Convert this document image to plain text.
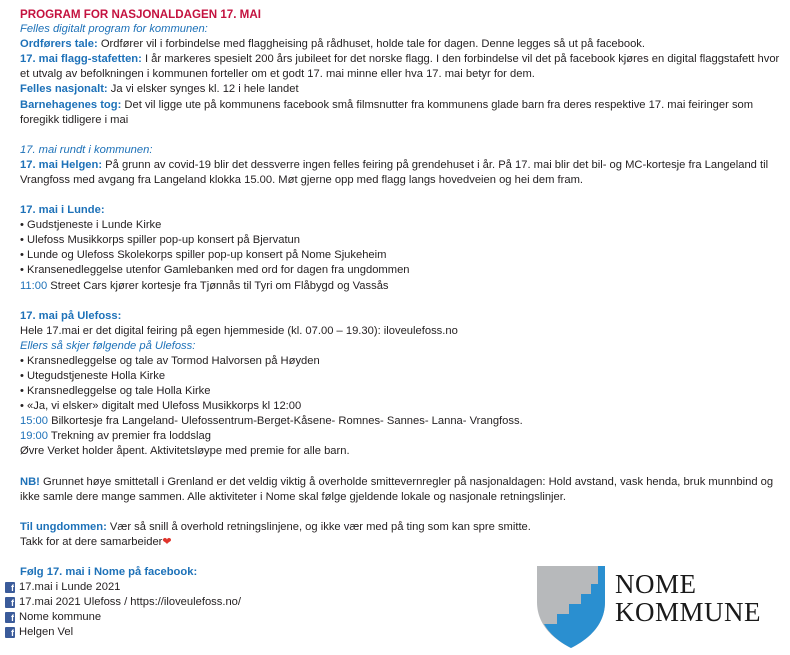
PROGRAM FOR NASJONALDAGEN 17. MAI
Felles digitalt program for kommunen:
Ordførers tale: Ordfører vil i forbindelse med flaggheising på rådhuset, holde tale for dagen. Denne legges så ut på facebook.
17. mai flagg-stafetten: I år markeres spesielt 200 års jubileet for det norske flagg. I den forbindelse vil det på facebook kjøres en digital flaggstafett hvor et utvalg av befolkningen i kommunen forteller om et godt 17. mai minne eller hva 17. mai betyr for dem.
Felles nasjonalt: Ja vi elsker synges kl. 12 i hele landet
Barnehagenes tog: Det vil ligge ute på kommunens facebook små filmsnutter fra kommunens glade barn fra deres respektive 17. mai feiringer som foregikk tidligere i mai
17. mai rundt i kommunen:
17. mai Helgen: På grunn av covid-19 blir det dessverre ingen felles feiring på grendehuset i år. På 17. mai blir det bil- og MC-kortesje fra Langeland til Vrangfoss med avgang fra Langeland klokka 15.00. Møt gjerne opp med flagg langs hovedveien og hei dem fram.
17. mai i Lunde:
• Gudstjeneste i Lunde Kirke
• Ulefoss Musikkorps spiller pop-up konsert på Bjervatun
• Lunde og Ulefoss Skolekorps spiller pop-up konsert på Nome Sjukeheim
• Kransenedleggelse utenfor Gamlebanken med ord for dagen fra ungdommen
11:00 Street Cars kjører kortesje fra Tjønnås til Tyri om Flåbygd og Vassås
17. mai på Ulefoss:
Hele 17.mai er det digital feiring på egen hjemmeside (kl. 07.00 – 19.30): iloveulefoss.no
Ellers så skjer følgende på Ulefoss:
• Kransnedleggelse og tale av Tormod Halvorsen på Høyden
• Utegudstjeneste Holla Kirke
• Kransnedleggelse og tale Holla Kirke
• «Ja, vi elsker» digitalt med Ulefoss Musikkorps kl 12:00
15:00 Bilkortesje fra Langeland- Ulefossentrum-Berget-Kåsene- Romnes- Sannes- Lanna- Vrangfoss.
19:00 Trekning av premier fra loddslag
Øvre Verket holder åpent. Aktivitetsløype med premie for alle barn.
NB! Grunnet høye smittetall i Grenland er det veldig viktig å overholde smittevernregler på nasjonaldagen: Hold avstand, vask henda, bruk munnbind og ikke samle dere mange sammen. Alle aktiviteter i Nome skal følge gjeldende lokale og nasjonale retningslinjer.
Til ungdommen: Vær så snill å overhold retningslinjene, og ikke vær med på ting som kan spre smitte.
Takk for at dere samarbeider❤
Følg 17. mai i Nome på facebook:
f 17.mai i Lunde 2021
f 17.mai 2021 Ulefoss / https://iloveulefoss.no/
f Nome kommune
f Helgen Vel
NOME
KOMMUNE
